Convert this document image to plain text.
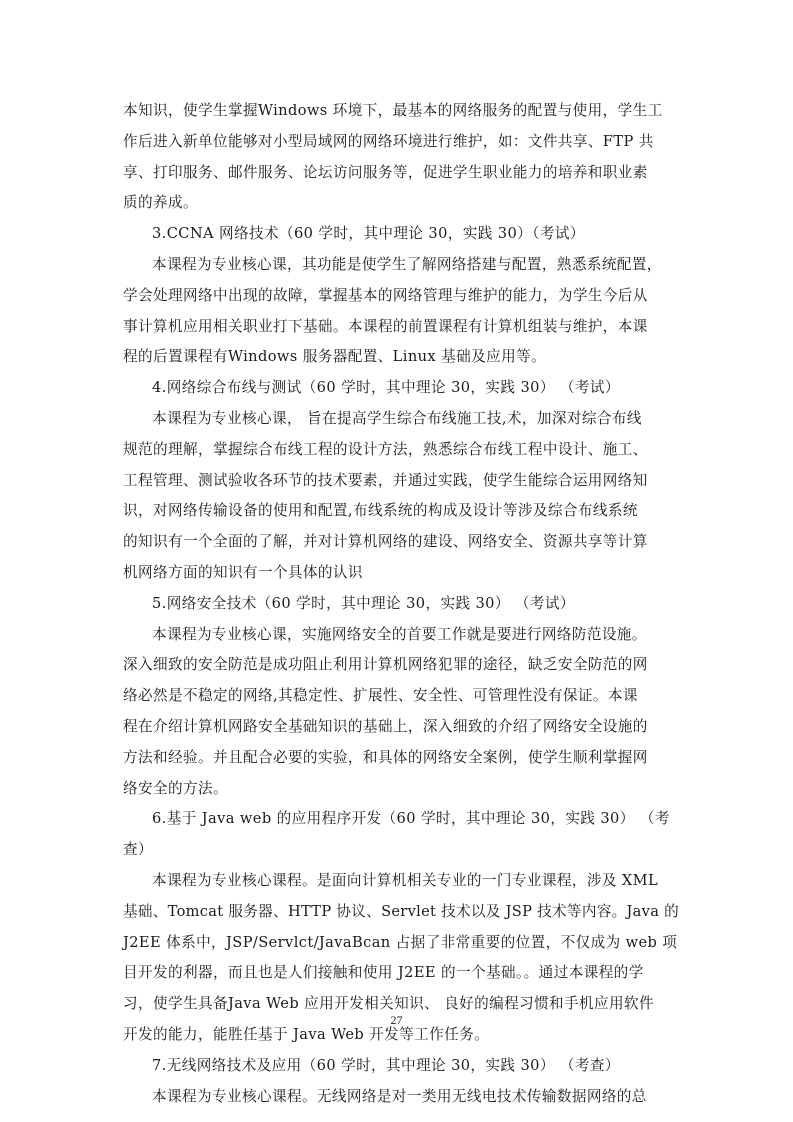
本知识，使学生掌握Windows 环境下，最基本的网络服务的配置与使用，学生工
作后进入新单位能够对小型局域网的网络环境进行维护，如：文件共享、FTP 共
享、打印服务、邮件服务、论坛访问服务等，促进学生职业能力的培养和职业素
质的养成。
3.CCNA 网络技术（60 学时，其中理论 30，实践 30）（考试）
本课程为专业核心课，其功能是使学生了解网络搭建与配置，熟悉系统配置，
学会处理网络中出现的故障，掌握基本的网络管理与维护的能力，为学生今后从
事计算机应用相关职业打下基础。本课程的前置课程有计算机组装与维护，本课
程的后置课程有Windows 服务器配置、Linux 基础及应用等。
4.网络综合布线与测试（60 学时，其中理论 30，实践 30） （考试）
本课程为专业核心课， 旨在提高学生综合布线施工技,术，加深对综合布线
规范的理解，掌握综合布线工程的设计方法，熟悉综合布线工程中设计、施工、
工程管理、测试验收各环节的技术要素，并通过实践，使学生能综合运用网络知
识，对网络传输设备的使用和配置,布线系统的构成及设计等涉及综合布线系统
的知识有一个全面的了解，并对计算机网络的建设、网络安全、资源共享等计算
机网络方面的知识有一个具体的认识
5.网络安全技术（60 学时，其中理论 30，实践 30） （考试）
本课程为专业核心课，实施网络安全的首要工作就是要进行网络防范设施。
深入细致的安全防范是成功阻止利用计算机网络犯罪的途径，缺乏安全防范的网
络必然是不稳定的网络,其稳定性、扩展性、安全性、可管理性没有保证。本课
程在介绍计算机网路安全基础知识的基础上，深入细致的介绍了网络安全设施的
方法和经验。并且配合必要的实验，和具体的网络安全案例，使学生顺利掌握网
络安全的方法。
6.基于 Java web 的应用程序开发（60 学时，其中理论 30，实践 30） （考
查）
本课程为专业核心课程。是面向计算机相关专业的一门专业课程，涉及 XML
基础、Tomcat 服务器、HTTP 协议、Servlet 技术以及 JSP 技术等内容。Java 的
J2EE 体系中，JSP/Servlct/JavaBcan 占据了非常重要的位置，不仅成为 web 项
目开发的利器，而且也是人们接触和使用 J2EE 的一个基础。。通过本课程的学
习，使学生具备Java Web 应用开发相关知识、 良好的编程习惯和手机应用软件
开发的能力，能胜任基于 Java Web 开发等工作任务。
7.无线网络技术及应用（60 学时，其中理论 30，实践 30） （考查）
本课程为专业核心课程。无线网络是对一类用无线电技术传输数据网络的总
27
